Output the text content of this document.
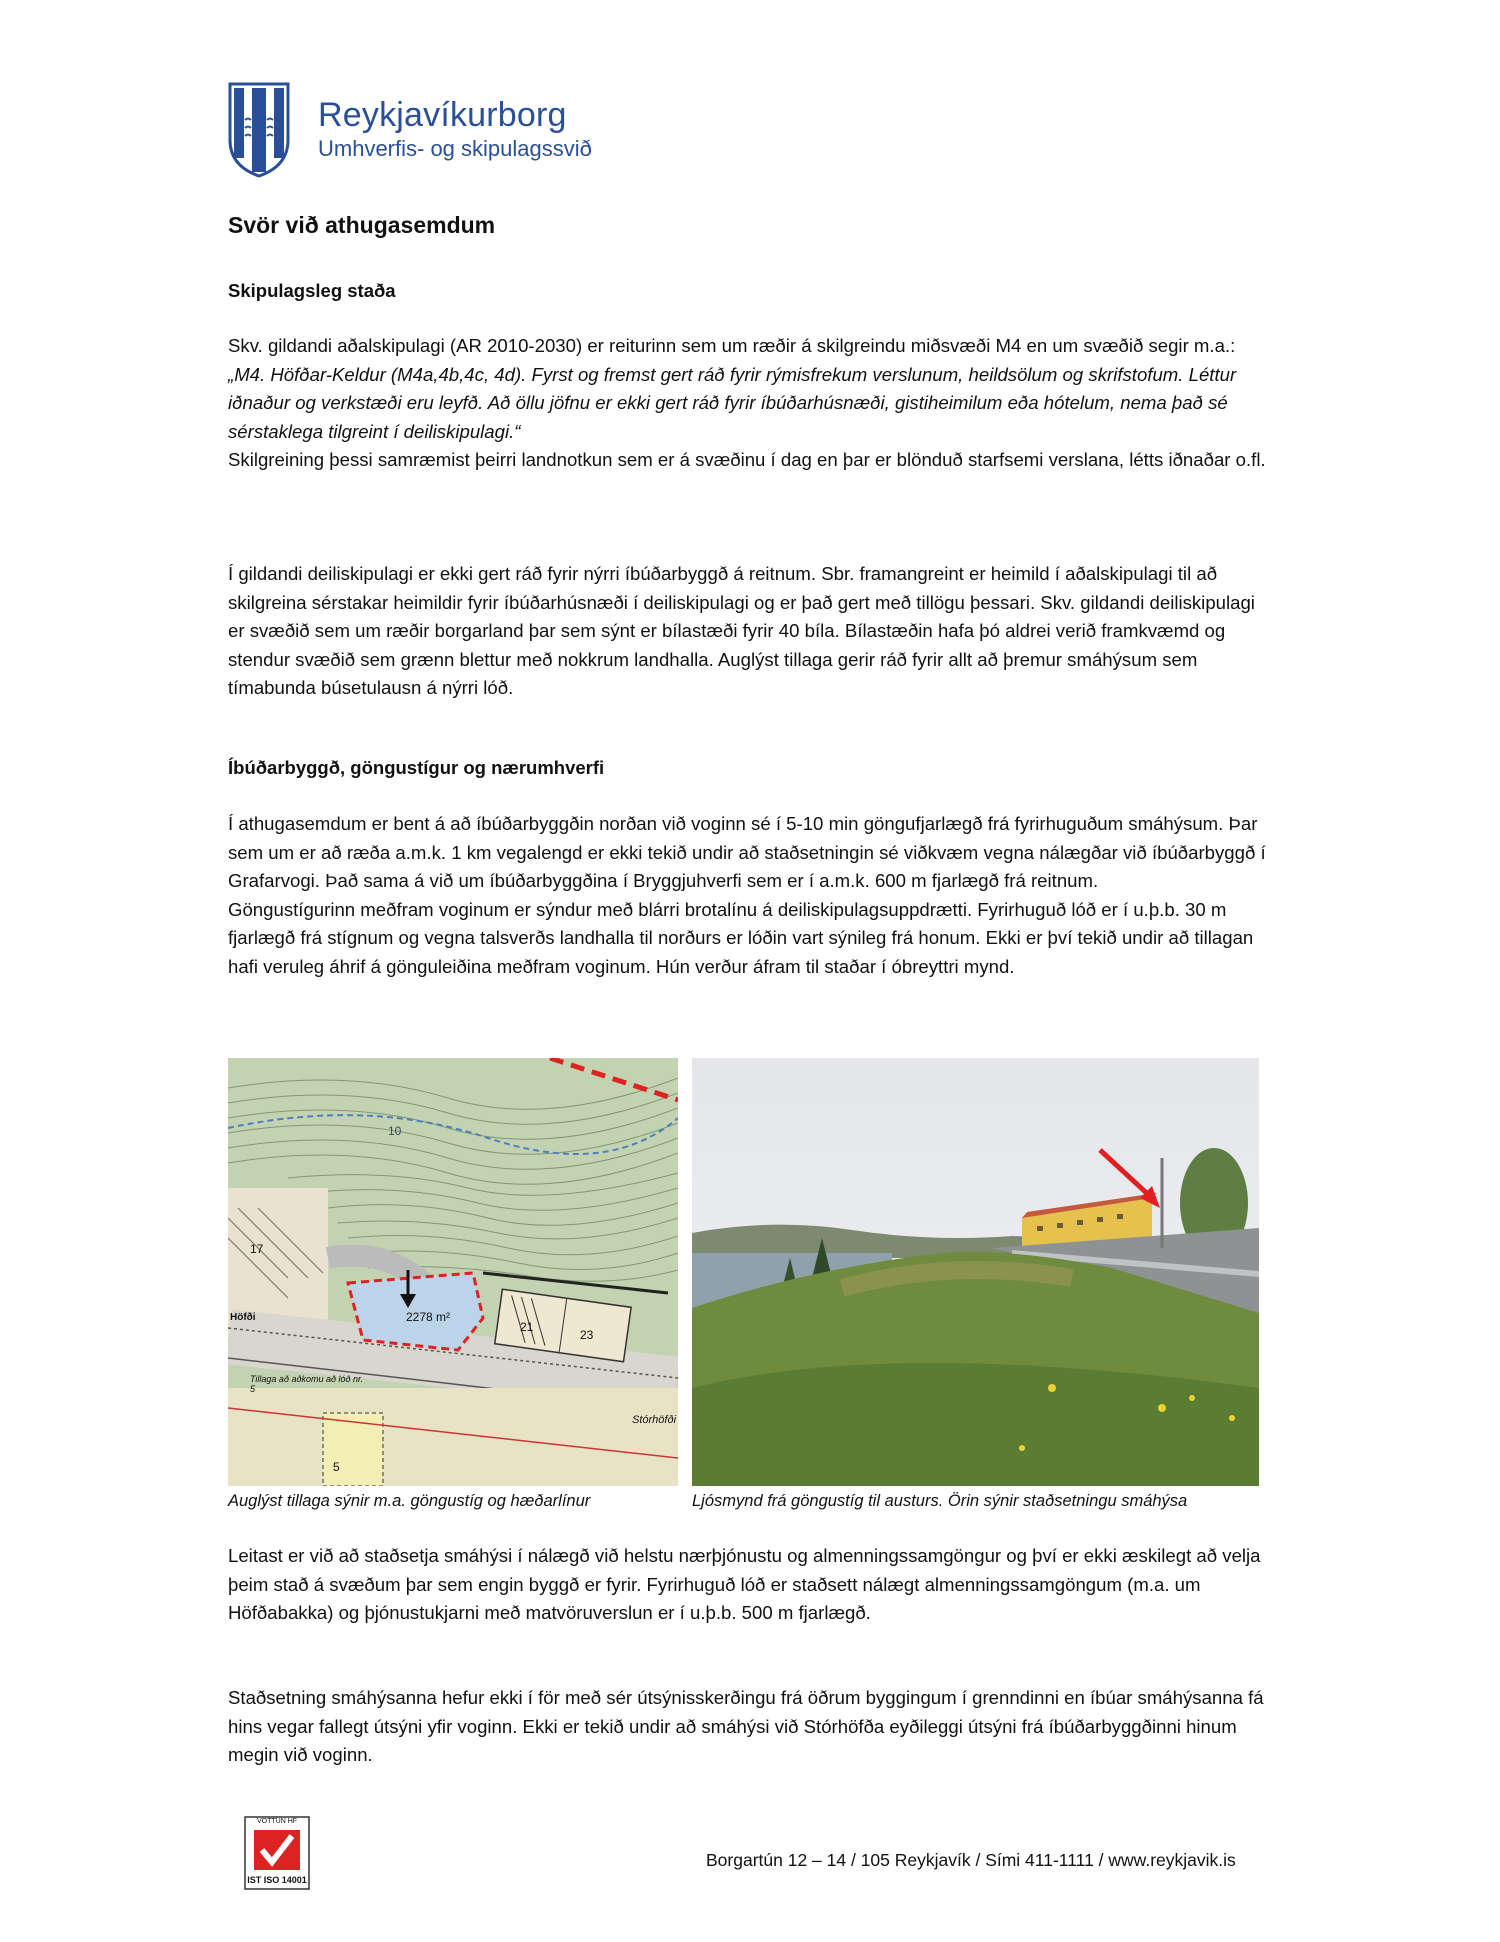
Reykjavíkurborg
Umhverfis- og skipulagssvið
Svör við athugasemdum
Skipulagsleg staða

Skv. gildandi aðalskipulagi (AR 2010-2030) er reiturinn sem um ræðir á skilgreindu miðsvæði M4 en um svæðið segir m.a.:

„M4. Höfðar-Keldur (M4a,4b,4c, 4d). Fyrst og fremst gert ráð fyrir rýmisfrekum verslunum, heildsölum og skrifstofum. Léttur iðnaður og verkstæði eru leyfð. Að öllu jöfnu er ekki gert ráð fyrir íbúðarhúsnæði, gistiheimilum eða hótelum, nema það sé sérstaklega tilgreint í deiliskipulagi.“

Skilgreining þessi samræmist þeirri landnotkun sem er á svæðinu í dag en þar er blönduð starfsemi verslana, létts iðnaðar o.fl.

Í gildandi deiliskipulagi er ekki gert ráð fyrir nýrri íbúðarbyggð á reitnum. Sbr. framangreint er heimild í aðalskipulagi til að skilgreina sérstakar heimildir fyrir íbúðarhúsnæði í deiliskipulagi og er það gert með tillögu þessari. Skv. gildandi deiliskipulagi er svæðið sem um ræðir borgarland þar sem sýnt er bílastæði fyrir 40 bíla. Bílastæðin hafa þó aldrei verið framkvæmd og stendur svæðið sem grænn blettur með nokkrum landhalla. Auglýst tillaga gerir ráð fyrir allt að þremur smáhýsum sem tímabunda búsetulausn á nýrri lóð.

Íbúðarbyggð, göngustígur og nærumhverfi

Í athugasemdum er bent á að íbúðarbyggðin norðan við voginn sé í 5-10 min göngufjarlægð frá fyrirhuguðum smáhýsum. Þar sem um er að ræða a.m.k. 1 km vegalengd er ekki tekið undir að staðsetningin sé viðkvæm vegna nálægðar við íbúðarbyggð í Grafarvogi. Það sama á við um íbúðarbyggðina í Bryggjuhverfi sem er í a.m.k. 600 m fjarlægð frá reitnum.

Göngustígurinn meðfram voginum er sýndur með blárri brotalínu á deiliskipulagsuppdrætti. Fyrirhuguð lóð er í u.þ.b. 30 m fjarlægð frá stígnum og vegna talsverðs landhalla til norðurs er lóðin vart sýnileg frá honum. Ekki er því tekið undir að tillagan hafi veruleg áhrif á gönguleiðina meðfram voginum. Hún verður áfram til staðar í óbreyttri mynd.

2278 m²
10
17
21
23
5
Stórhöfði
Tillaga að aðkomu að lóð nr. 5
Höfði
Auglýst tillaga sýnir m.a. göngustíg og hæðarlínur	Ljósmynd frá göngustíg til austurs. Örin sýnir staðsetningu smáhýsa

Leitast er við að staðsetja smáhýsi í nálægð við helstu nærþjónustu og almenningssamgöngur og því er ekki æskilegt að velja þeim stað á svæðum þar sem engin byggð er fyrir. Fyrirhuguð lóð er staðsett nálægt almenningssamgöngum (m.a. um Höfðabakka) og þjónustukjarni með matvöruverslun er í u.þ.b. 500 m fjarlægð.

Staðsetning smáhýsanna hefur ekki í för með sér útsýnisskerðingu frá öðrum byggingum í grenndinni en íbúar smáhýsanna fá hins vegar fallegt útsýni yfir voginn. Ekki er tekið undir að smáhýsi við Stórhöfða eyðileggi útsýni frá íbúðarbyggðinni hinum megin við voginn.

VOTTUN HF
IST ISO 14001
Borgartún 12 – 14 / 105 Reykjavík / Sími 411-1111 / www.reykjavik.is
